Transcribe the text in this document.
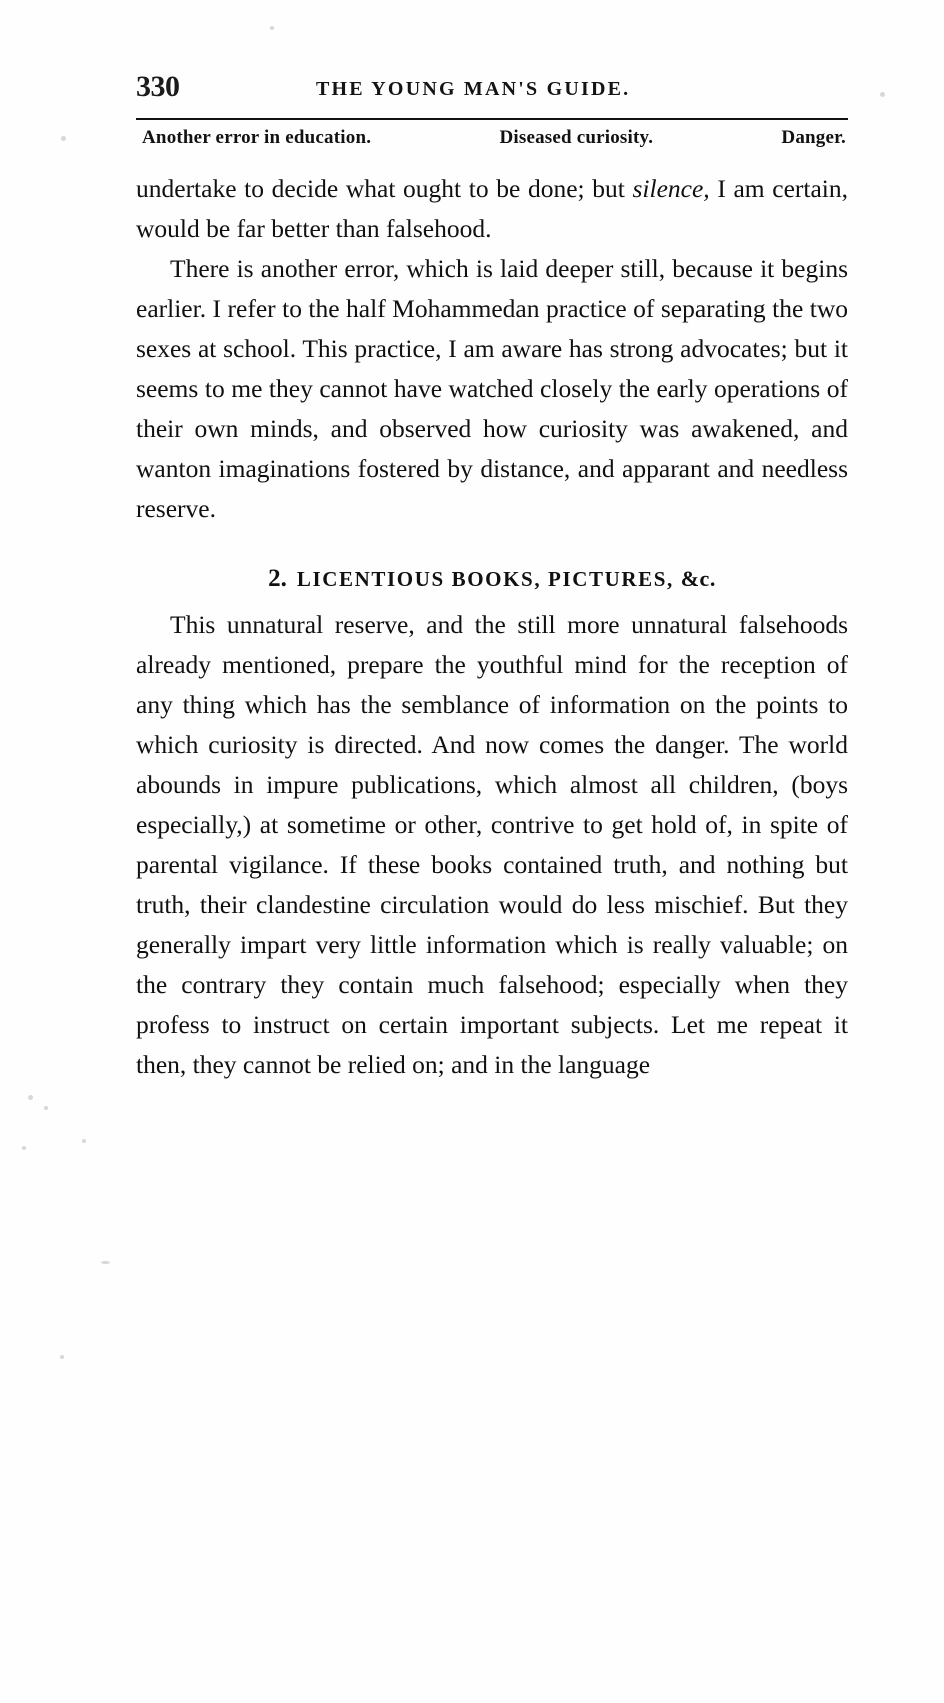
330	THE YOUNG MAN'S GUIDE.
Another error in education.	Diseased curiosity.	Danger.

undertake to decide what ought to be done; but silence, I am certain, would be far better than falsehood.

There is another error, which is laid deeper still, because it begins earlier. I refer to the half Mohammedan practice of separating the two sexes at school. This practice, I am aware has strong advocates; but it seems to me they cannot have watched closely the early operations of their own minds, and observed how curiosity was awakened, and wanton imaginations fostered by distance, and apparant and needless reserve.

2. LICENTIOUS BOOKS, PICTURES, &c.

This unnatural reserve, and the still more unnatural falsehoods already mentioned, prepare the youthful mind for the reception of any thing which has the semblance of information on the points to which curiosity is directed. And now comes the danger. The world abounds in impure publications, which almost all children, (boys especially,) at sometime or other, contrive to get hold of, in spite of parental vigilance. If these books contained truth, and nothing but truth, their clandestine circulation would do less mischief. But they generally impart very little information which is really valuable; on the contrary they contain much falsehood; especially when they profess to instruct on certain important subjects. Let me repeat it then, they cannot be relied on; and in the language
